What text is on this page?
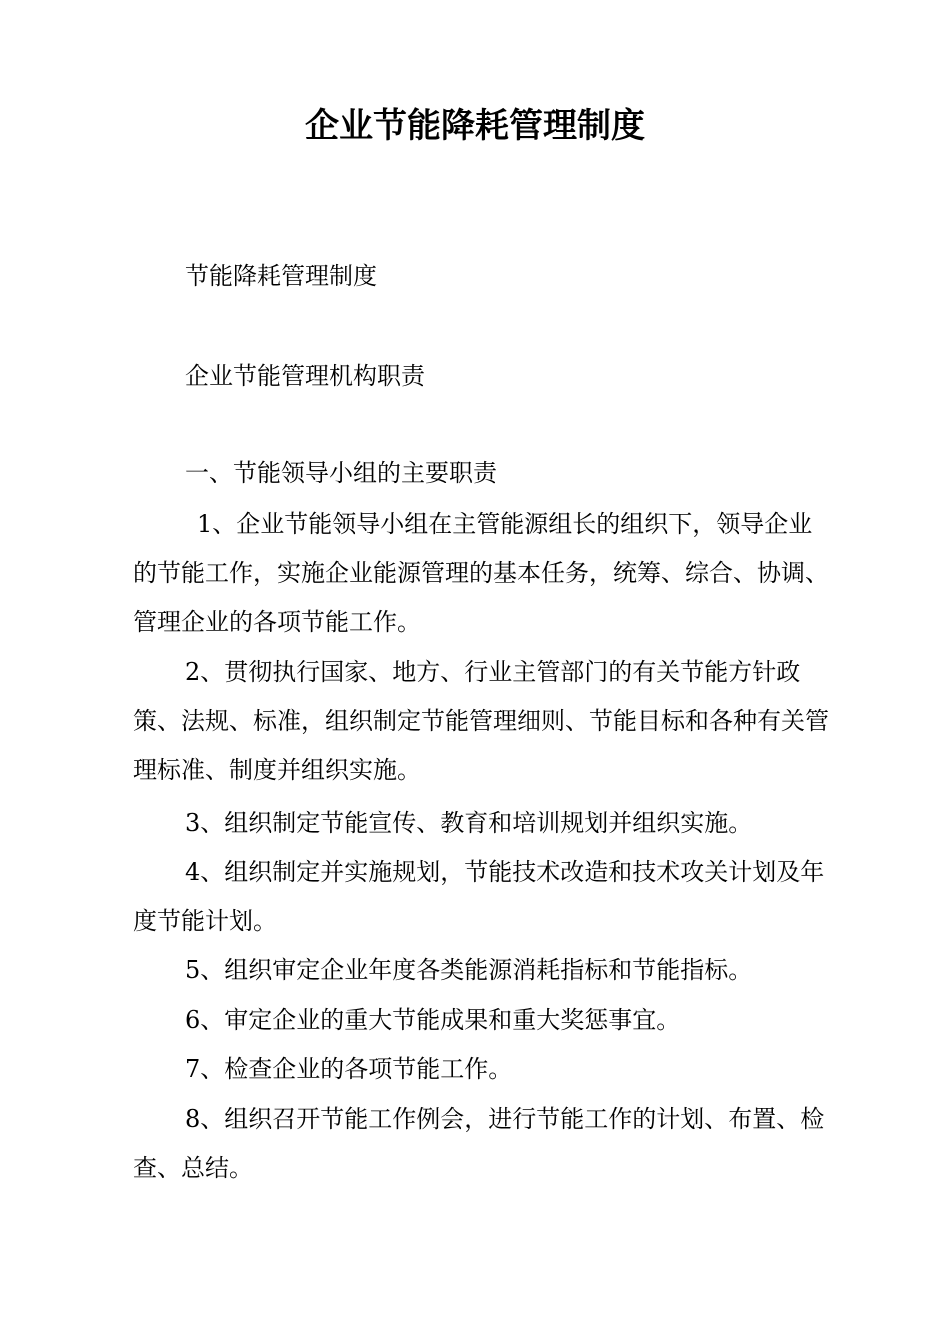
企业节能降耗管理制度

节能降耗管理制度

企业节能管理机构职责

一、节能领导小组的主要职责

1、企业节能领导小组在主管能源组长的组织下，领导企业的节能工作，实施企业能源管理的基本任务，统筹、综合、协调、管理企业的各项节能工作。

2、贯彻执行国家、地方、行业主管部门的有关节能方针政策、法规、标准，组织制定节能管理细则、节能目标和各种有关管理标准、制度并组织实施。

3、组织制定节能宣传、教育和培训规划并组织实施。

4、组织制定并实施规划，节能技术改造和技术攻关计划及年度节能计划。

5、组织审定企业年度各类能源消耗指标和节能指标。

6、审定企业的重大节能成果和重大奖惩事宜。

7、检查企业的各项节能工作。

8、组织召开节能工作例会，进行节能工作的计划、布置、检查、总结。
